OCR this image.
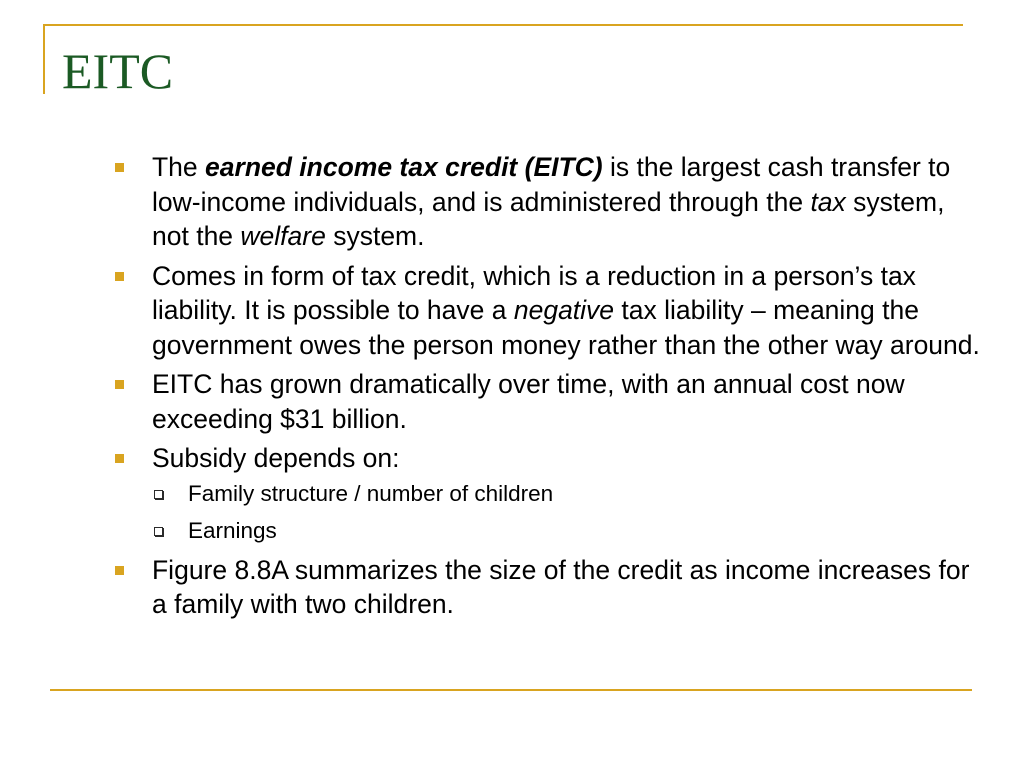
EITC
The earned income tax credit (EITC) is the largest cash transfer to low-income individuals, and is administered through the tax system, not the welfare system.
Comes in form of tax credit, which is a reduction in a person’s tax liability. It is possible to have a negative tax liability – meaning the government owes the person money rather than the other way around.
EITC has grown dramatically over time, with an annual cost now exceeding $31 billion.
Subsidy depends on:
Family structure / number of children
Earnings
Figure 8.8A summarizes the size of the credit as income increases for a family with two children.
